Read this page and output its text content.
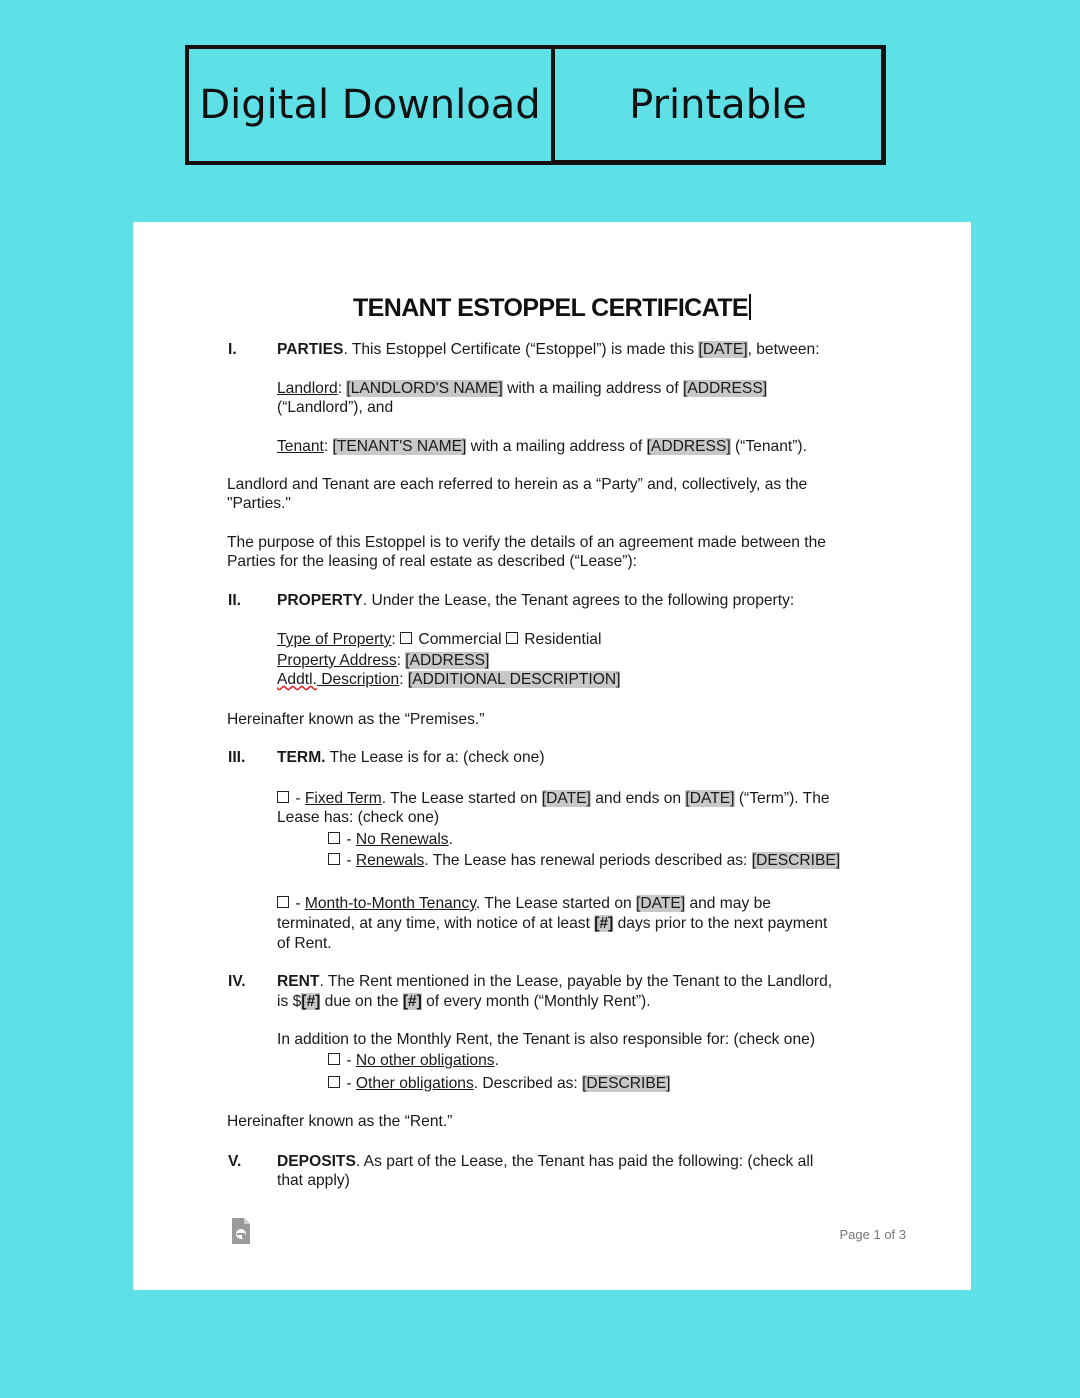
Digital Download	Printable
TENANT ESTOPPEL CERTIFICATE
I.	PARTIES. This Estoppel Certificate (“Estoppel”) is made this [DATE], between:
Landlord: [LANDLORD'S NAME] with a mailing address of [ADDRESS]
(“Landlord”), and
Tenant: [TENANT'S NAME] with a mailing address of [ADDRESS] (“Tenant”).
Landlord and Tenant are each referred to herein as a “Party” and, collectively, as the
"Parties."
The purpose of this Estoppel is to verify the details of an agreement made between the
Parties for the leasing of real estate as described (“Lease”):
II. PROPERTY. Under the Lease, the Tenant agrees to the following property:
Type of Property:  Commercial  Residential
Property Address: [ADDRESS]
Addtl. Description: [ADDITIONAL DESCRIPTION]
Hereinafter known as the “Premises.”
III. TERM. The Lease is for a: (check one)
- Fixed Term. The Lease started on [DATE] and ends on [DATE] (“Term”). The
Lease has: (check one)
- No Renewals.
- Renewals. The Lease has renewal periods described as: [DESCRIBE]
- Month-to-Month Tenancy. The Lease started on [DATE] and may be
terminated, at any time, with notice of at least [#] days prior to the next payment
of Rent.
IV. RENT. The Rent mentioned in the Lease, payable by the Tenant to the Landlord,
is $[#] due on the [#] of every month (“Monthly Rent”).
In addition to the Monthly Rent, the Tenant is also responsible for: (check one)
- No other obligations.
- Other obligations. Described as: [DESCRIBE]
Hereinafter known as the “Rent.”
V. DEPOSITS. As part of the Lease, the Tenant has paid the following: (check all
that apply)
Page 1 of 3
